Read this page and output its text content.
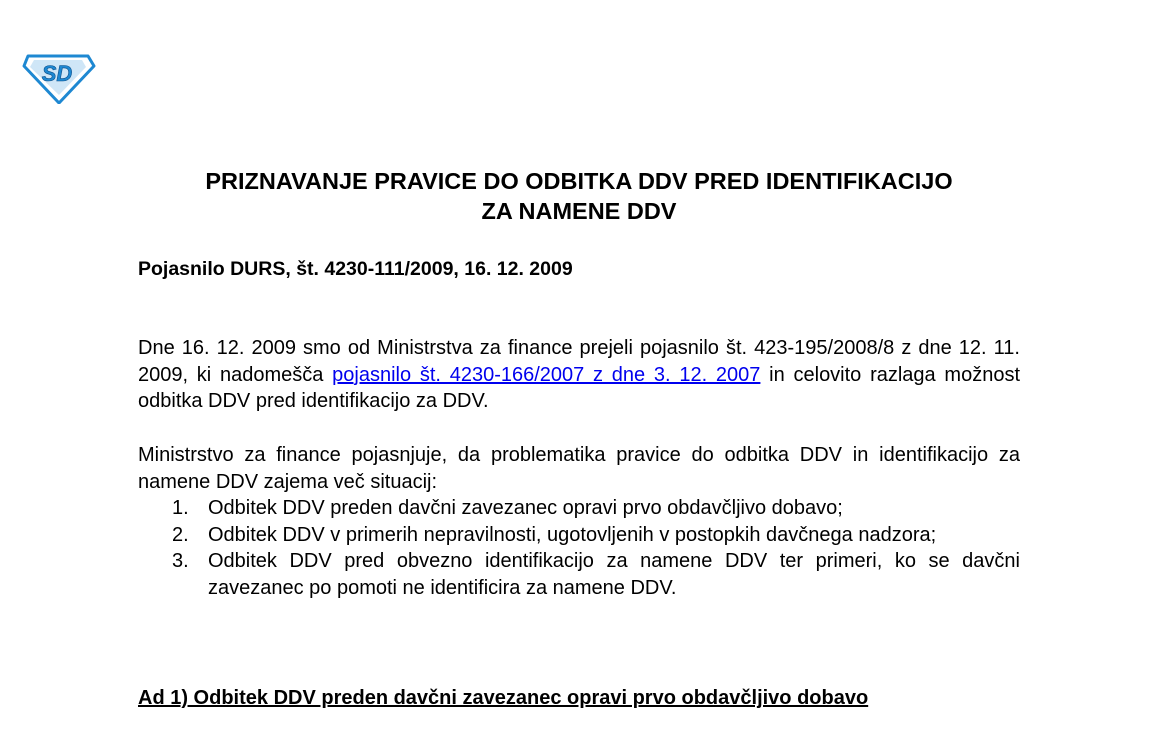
SD
PRIZNAVANJE PRAVICE DO ODBITKA DDV PRED IDENTIFIKACIJO
ZA NAMENE DDV

Pojasnilo DURS, št. 4230-111/2009, 16. 12. 2009

Dne 16. 12. 2009 smo od Ministrstva za finance prejeli pojasnilo št. 423-195/2008/8 z dne 12. 11. 2009, ki nadomešča pojasnilo št. 4230-166/2007 z dne 3. 12. 2007 in celovito razlaga možnost odbitka DDV pred identifikacijo za DDV.

Ministrstvo za finance pojasnjuje, da problematika pravice do odbitka DDV in identifikacijo za namene DDV zajema več situacij:

1. Odbitek DDV preden davčni zavezanec opravi prvo obdavčljivo dobavo;
2. Odbitek DDV v primerih nepravilnosti, ugotovljenih v postopkih davčnega nadzora;
3. Odbitek DDV pred obvezno identifikacijo za namene DDV ter primeri, ko se davčni zavezanec po pomoti ne identificira za namene DDV.
Ad 1) Odbitek DDV preden davčni zavezanec opravi prvo obdavčljivo dobavo
